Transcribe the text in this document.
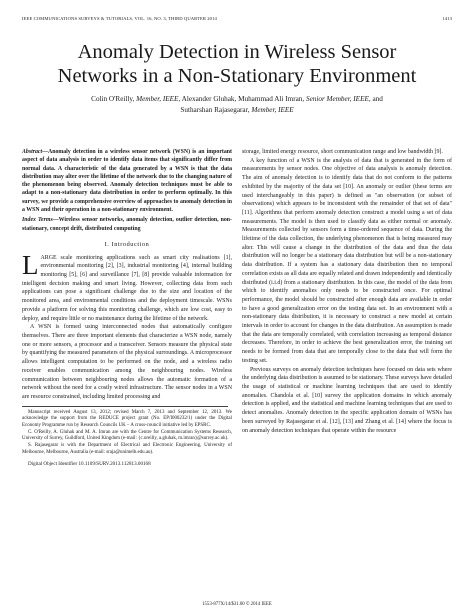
IEEE COMMUNICATIONS SURVEYS & TUTORIALS, VOL. 16, NO. 3, THIRD QUARTER 2014	1413
Anomaly Detection in Wireless Sensor
Networks in a Non-Stationary Environment
Colin O'Reilly, Member, IEEE, Alexander Gluhak, Muhammad Ali Imran, Senior Member, IEEE, and
Sutharshan Rajasegarar, Member, IEEE

Abstract—Anomaly detection in a wireless sensor network (WSN) is an important aspect of data analysis in order to identify data items that significantly differ from normal data. A characteristic of the data generated by a WSN is that the data distribution may alter over the lifetime of the network due to the changing nature of the phenomenon being observed. Anomaly detection techniques must be able to adapt to a non-stationary data distribution in order to perform optimally. In this survey, we provide a comprehensive overview of approaches to anomaly detection in a WSN and their operation in a non-stationary environment.

Index Terms—Wireless sensor networks, anomaly detection, outlier detection, non-stationary, concept drift, distributed computing

I. Introduction

LARGE scale monitoring applications such as smart city realisations [1], environmental monitoring [2], [3], industrial monitoring [4], internal building monitoring [5], [6] and surveillance [7], [8] provide valuable information for intelligent decision making and smart living. However, collecting data from such applications can pose a significant challenge due to the size and location of the monitored area, and environmental conditions and the deployment timescale. WSNs provide a platform for solving this monitoring challenge, which are low cost, easy to deploy, and require little or no maintenance during the lifetime of the network.

A WSN is formed using interconnected nodes that automatically configure themselves. There are three important elements that characterize a WSN node, namely one or more sensors, a processor and a transceiver. Sensors measure the physical state by quantifying the measured parameters of the physical surroundings. A microprocessor allows intelligent computation to be performed on the node, and a wireless radio receiver enables communication among the neighbouring nodes. Wireless communication between neighbouring nodes allows the automatic formation of a network without the need for a costly wired infrastructure. The sensor nodes in a WSN are resource constrained, including limited processing and

Manuscript received August 13, 2012; revised March 7, 2013 and September 12, 2013. We acknowledge the support from the REDUCE project grant (No. EP/I000232/1) under the Digital Economy Programme run by Research Councils UK – A cross-council initiative led by EPSRC.

C. O'Reilly, A. Gluhak and M. A. Imran are with the Centre for Communication Systems Research, University of Surrey, Guildford, United Kingdom (e-mail: {c.oreilly, a.gluhak, m.imran}@surrey.ac.uk).

S. Rajasegarar is with the Department of Electrical and Electronic Engineering, University of Melbourne, Melbourne, Australia (e-mail: sraja@unimelb.edu.au).

Digital Object Identifier 10.1109/SURV.2013.112813.00168

storage, limited energy resource, short communication range and low bandwidth [9].

A key function of a WSN is the analysis of data that is generated in the form of measurements by sensor nodes. One objective of data analysis is anomaly detection. The aim of anomaly detection is to identify data that do not conform to the patterns exhibited by the majority of the data set [10]. An anomaly or outlier (these terms are used interchangeably in this paper) is defined as "an observation (or subset of observations) which appears to be inconsistent with the remainder of that set of data" [11]. Algorithms that perform anomaly detection construct a model using a set of data measurements. The model is then used to classify data as either normal or anomaly. Measurements collected by sensors form a time-ordered sequence of data. During the lifetime of the data collection, the underlying phenomenon that is being measured may alter. This will cause a change in the distribution of the data and thus the data distribution will no longer be a stationary data distribution but will be a non-stationary data distribution. If a system has a stationary data distribution then no temporal correlation exists as all data are equally related and drawn independently and identically distributed (i.i.d) from a stationary distribution. In this case, the model of the data from which to identify anomalies only needs to be constructed once. For optimal performance, the model should be constructed after enough data are available in order to have a good generalization error on the testing data set. In an environment with a non-stationary data distribution, it is necessary to construct a new model at certain intervals in order to account for changes in the data distribution. An assumption is made that the data are temporally correlated, with correlation increasing as temporal distance decreases. Therefore, in order to achieve the best generalization error, the training set needs to be formed from data that are temporally close to the data that will form the testing set.

Previous surveys on anomaly detection techniques have focused on data sets where the underlying data distribution is assumed to be stationary. These surveys have detailed the usage of statistical or machine learning techniques that are used to identify anomalies. Chandola et al. [10] survey the application domains in which anomaly detection is applied, and the statistical and machine learning techniques that are used to detect anomalies. Anomaly detection in the specific application domain of WSNs has been surveyed by Rajasegarar et al. [12], [13] and Zhang et al. [14] where the focus is on anomaly detection techniques that operate within the resource

1553-877X/14/$31.00 © 2014 IEEE
